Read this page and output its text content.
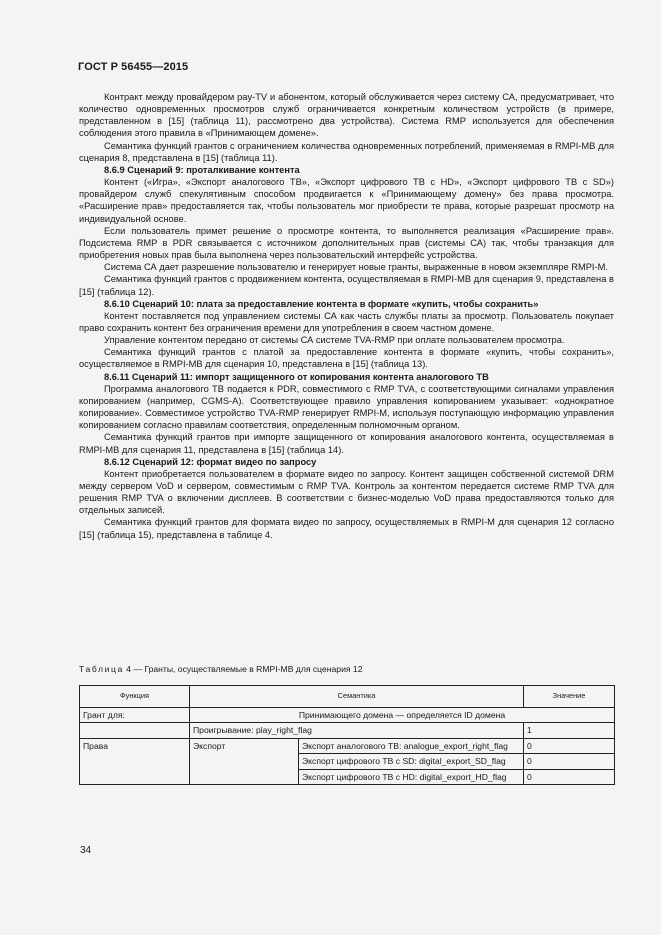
ГОСТ Р 56455—2015

Контракт между провайдером pay-TV и абонентом, который обслуживается через систему СА, предусматривает, что количество одновременных просмотров служб ограничивается конкретным количеством устройств (в примере, представленном в [15] (таблица 11), рассмотрено два устройства). Система RMP используется для обеспечения соблюдения этого правила в «Принимающем домене».

Семантика функций грантов с ограничением количества одновременных потреблений, применяемая в RMPI-MB для сценария 8, представлена в [15] (таблица 11).

8.6.9 Сценарий 9: проталкивание контента

Контент («Игра», «Экспорт аналогового ТВ», «Экспорт цифрового ТВ с HD», «Экспорт цифрового ТВ с SD») провайдером служб спекулятивным способом продвигается к «Принимающему домену» без права просмотра. «Расширение прав» предоставляется так, чтобы пользователь мог приобрести те права, которые разрешат просмотр на индивидуальной основе.

Если пользователь примет решение о просмотре контента, то выполняется реализация «Расширение прав». Подсистема RMP в PDR связывается с источником дополнительных прав (системы СА) так, чтобы транзакция для приобретения новых прав была выполнена через пользовательский интерфейс устройства.

Система СА дает разрешение пользователю и генерирует новые гранты, выраженные в новом экземпляре RMPI-M.

Семантика функций грантов с продвижением контента, осуществляемая в RMPI-MB для сценария 9, представлена в [15] (таблица 12).

8.6.10 Сценарий 10: плата за предоставление контента в формате «купить, чтобы сохранить»

Контент поставляется под управлением системы СА как часть службы платы за просмотр. Пользователь покупает право сохранить контент без ограничения времени для употребления в своем частном домене.

Управление контентом передано от системы СА системе TVA-RMP при оплате пользователем просмотра.

Семантика функций грантов с платой за предоставление контента в формате «купить, чтобы сохранить», осуществляемое в RMPI-MB для сценария 10, представлена в [15] (таблица 13).

8.6.11 Сценарий 11: импорт защищенного от копирования контента аналогового ТВ

Программа аналогового ТВ подается к PDR, совместимого с RMP TVA, с соответствующими сигналами управления копированием (например, CGMS-A). Соответствующее правило управления копированием указывает: «однократное копирование». Совместимое устройство TVA-RMP генерирует RMPI-M, используя поступающую информацию управления копированием согласно правилам соответствия, определенным полномочным органом.

Семантика функций грантов при импорте защищенного от копирования аналогового контента, осуществляемая в RMPI-MB для сценария 11, представлена в [15] (таблица 14).

8.6.12 Сценарий 12: формат видео по запросу

Контент приобретается пользователем в формате видео по запросу. Контент защищен собственной системой DRM между сервером VoD и сервером, совместимым с RMP TVA. Контроль за контентом передается системе RMP TVA для решения RMP TVA о включении дисплеев. В соответствии с бизнес-моделью VoD права предоставляются только для отдельных записей.

Семантика функций грантов для формата видео по запросу, осуществляемых в RMPI-M для сценария 12 согласно [15] (таблица 15), представлена в таблице 4.

Таблица 4 — Гранты, осуществляемые в RMPI-MB для сценария 12
Функция	Семантика		Значение
Грант для:	Принимающего домена — определяется ID домена		
	Проигрывание: play_right_flag		1
Права	Экспорт	Экспорт аналогового ТВ: analogue_export_right_flag	0
		Экспорт цифрового ТВ с SD: digital_export_SD_flag	0
		Экспорт цифрового ТВ с HD: digital_export_HD_flag	0
34
